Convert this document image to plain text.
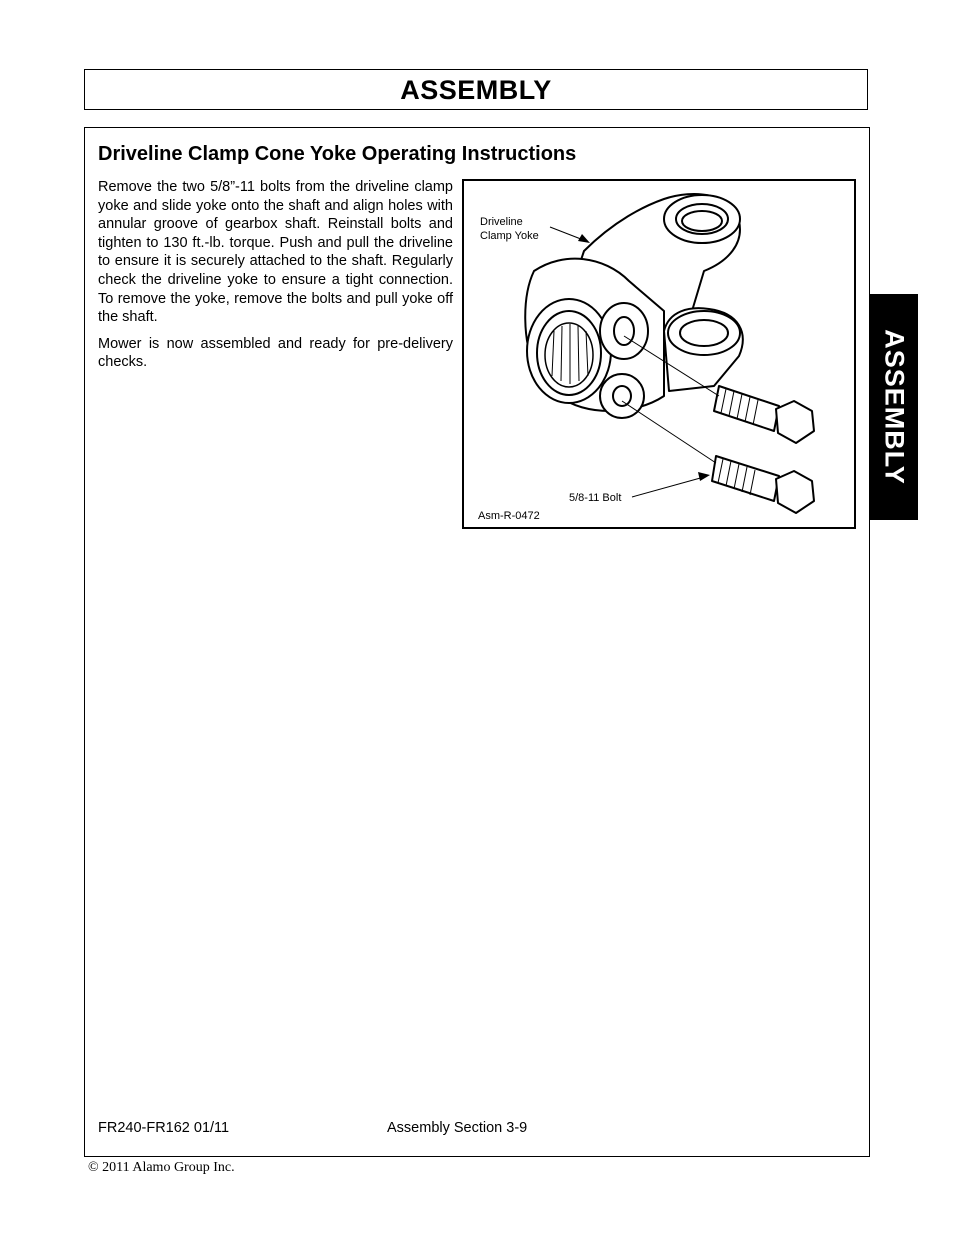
ASSEMBLY
Driveline Clamp Cone Yoke Operating Instructions

Remove the two 5/8”-11 bolts from the driveline clamp yoke and slide yoke onto the shaft and align holes with annular groove of gearbox shaft. Reinstall bolts and tighten to 130 ft.-lb. torque. Push and pull the driveline to ensure it is securely attached to the shaft. Regularly check the driveline yoke to ensure a tight connection. To remove the yoke, remove the bolts and pull yoke off the shaft.

Mower is now assembled and ready for pre-delivery checks.

Driveline
Clamp Yoke
5/8-11 Bolt
Asm-R-0472
ASSEMBLY
FR240-FR162 01/11	Assembly Section 3-9
© 2011 Alamo Group Inc.
